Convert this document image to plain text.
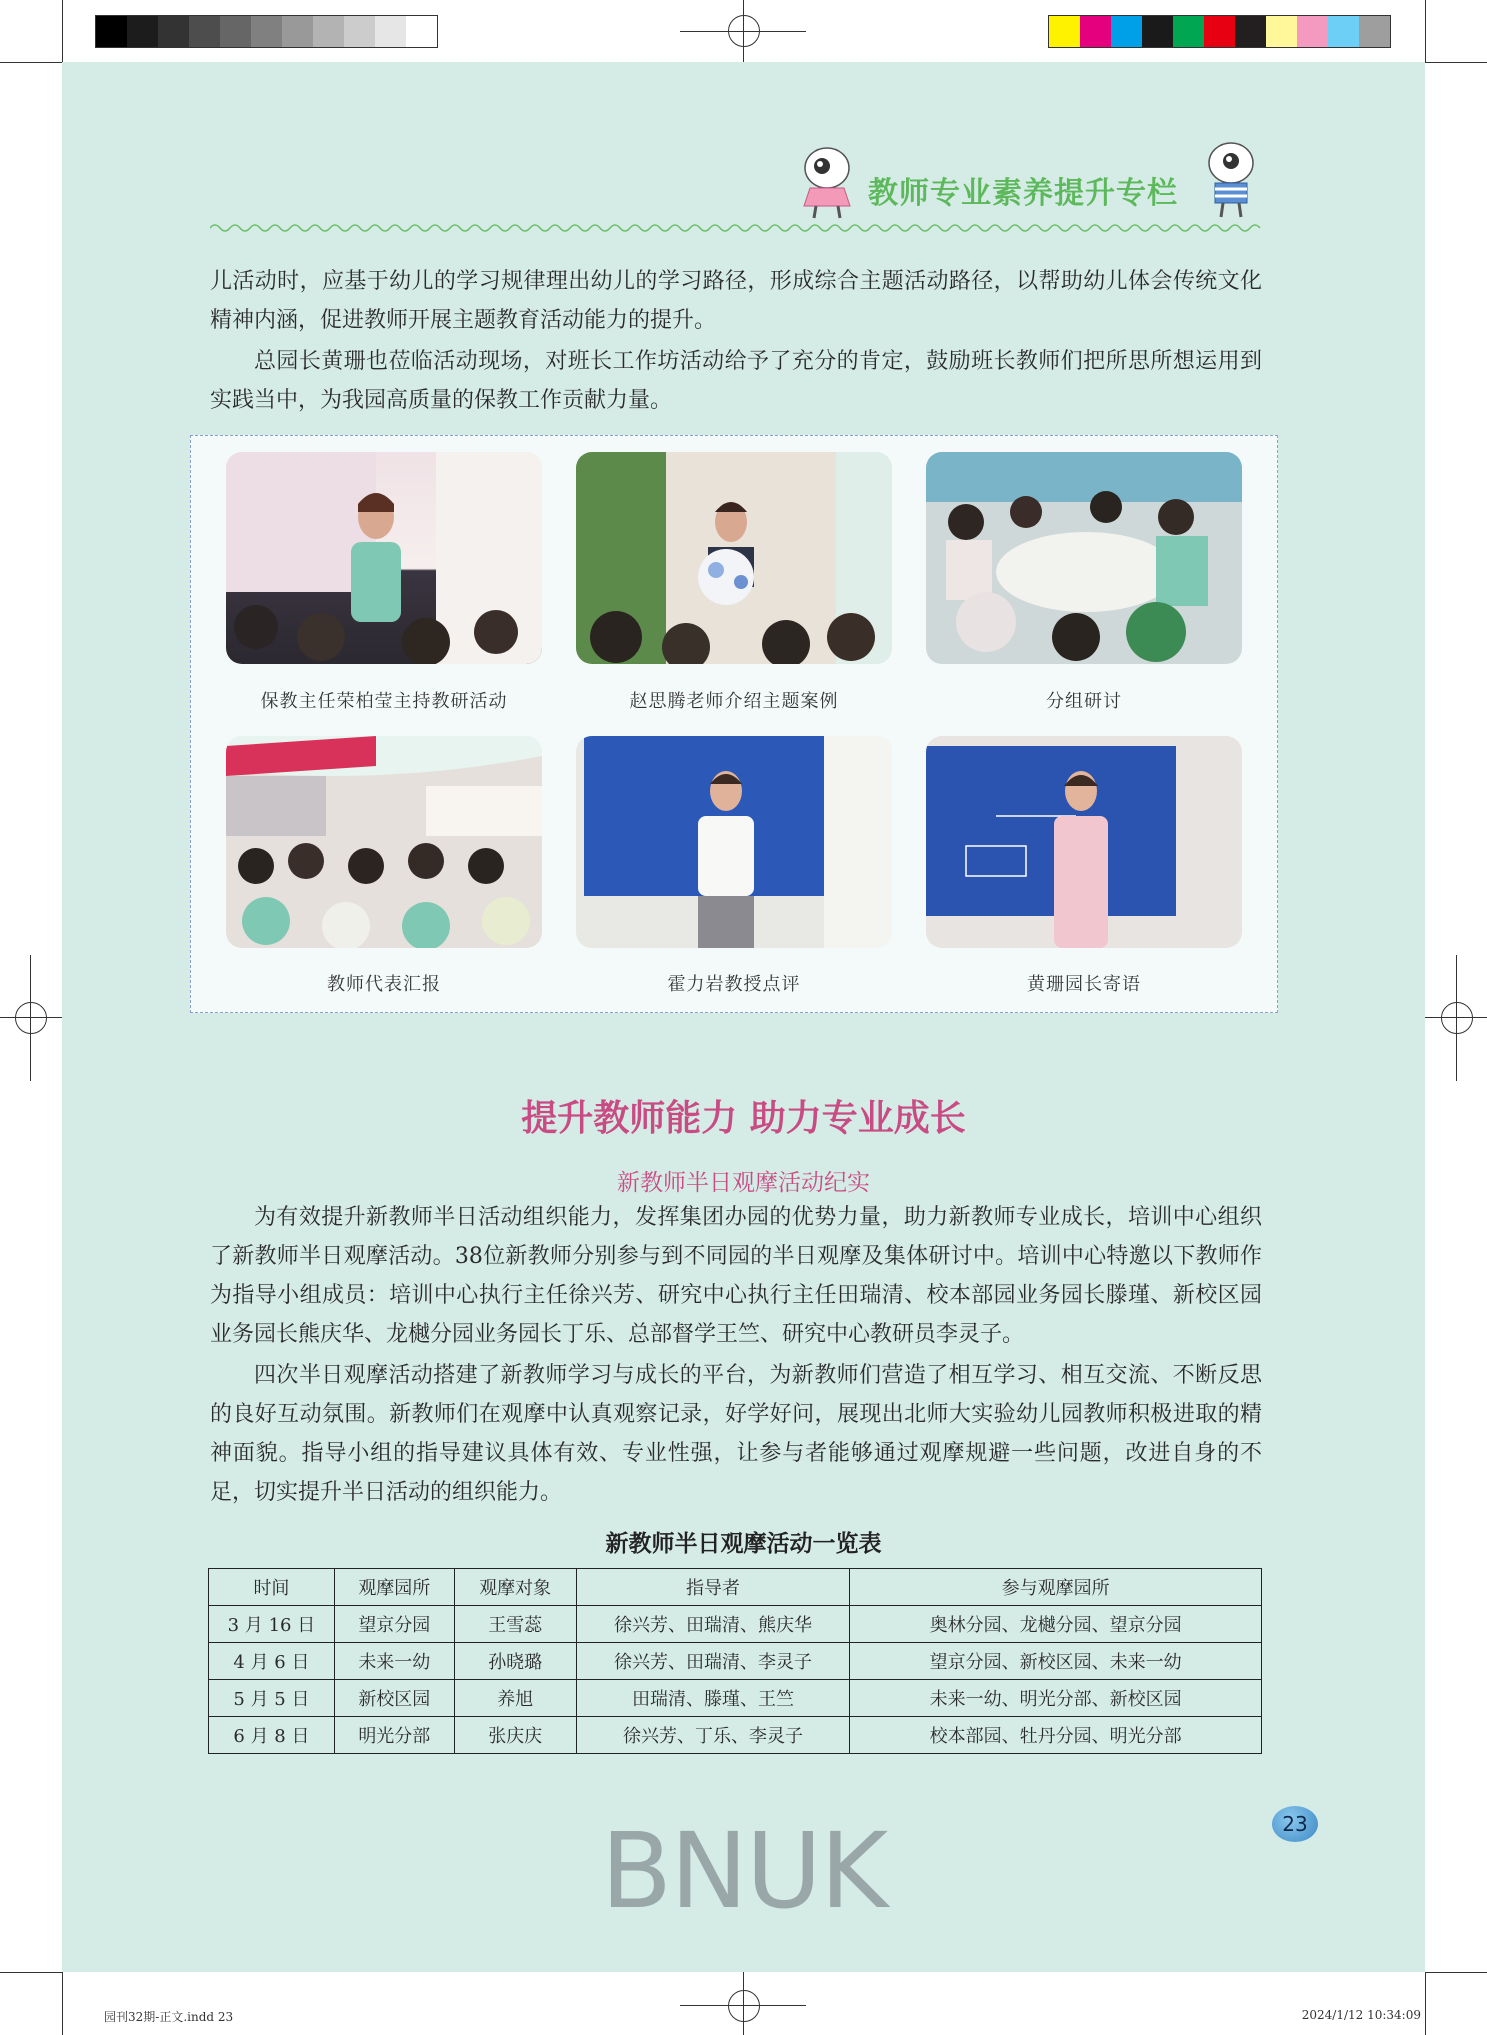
教师专业素养提升专栏

儿活动时，应基于幼儿的学习规律理出幼儿的学习路径，形成综合主题活动路径，以帮助幼儿体会传统文化精神内涵，促进教师开展主题教育活动能力的提升。

总园长黄珊也莅临活动现场，对班长工作坊活动给予了充分的肯定，鼓励班长教师们把所思所想运用到实践当中，为我园高质量的保教工作贡献力量。

保教主任荣柏莹主持教研活动	赵思腾老师介绍主题案例	分组研讨
教师代表汇报	霍力岩教授点评	黄珊园长寄语
提升教师能力 助力专业成长
新教师半日观摩活动纪实

为有效提升新教师半日活动组织能力，发挥集团办园的优势力量，助力新教师专业成长，培训中心组织了新教师半日观摩活动。38位新教师分别参与到不同园的半日观摩及集体研讨中。培训中心特邀以下教师作为指导小组成员：培训中心执行主任徐兴芳、研究中心执行主任田瑞清、校本部园业务园长滕瑾、新校区园业务园长熊庆华、龙樾分园业务园长丁乐、总部督学王竺、研究中心教研员李灵子。

四次半日观摩活动搭建了新教师学习与成长的平台，为新教师们营造了相互学习、相互交流、不断反思的良好互动氛围。新教师们在观摩中认真观察记录，好学好问，展现出北师大实验幼儿园教师积极进取的精神面貌。指导小组的指导建议具体有效、专业性强，让参与者能够通过观摩规避一些问题，改进自身的不足，切实提升半日活动的组织能力。

新教师半日观摩活动一览表
时间	观摩园所	观摩对象	指导者	参与观摩园所
3 月 16 日	望京分园	王雪蕊	徐兴芳、田瑞清、熊庆华	奥林分园、龙樾分园、望京分园
4 月 6 日	未来一幼	孙晓璐	徐兴芳、田瑞清、李灵子	望京分园、新校区园、未来一幼
5 月 5 日	新校区园	养旭	田瑞清、滕瑾、王竺	未来一幼、明光分部、新校区园
6 月 8 日	明光分部	张庆庆	徐兴芳、丁乐、李灵子	校本部园、牡丹分园、明光分部
23
BNUK
园刊32期-正文.indd 23	2024/1/12 10:34:09
